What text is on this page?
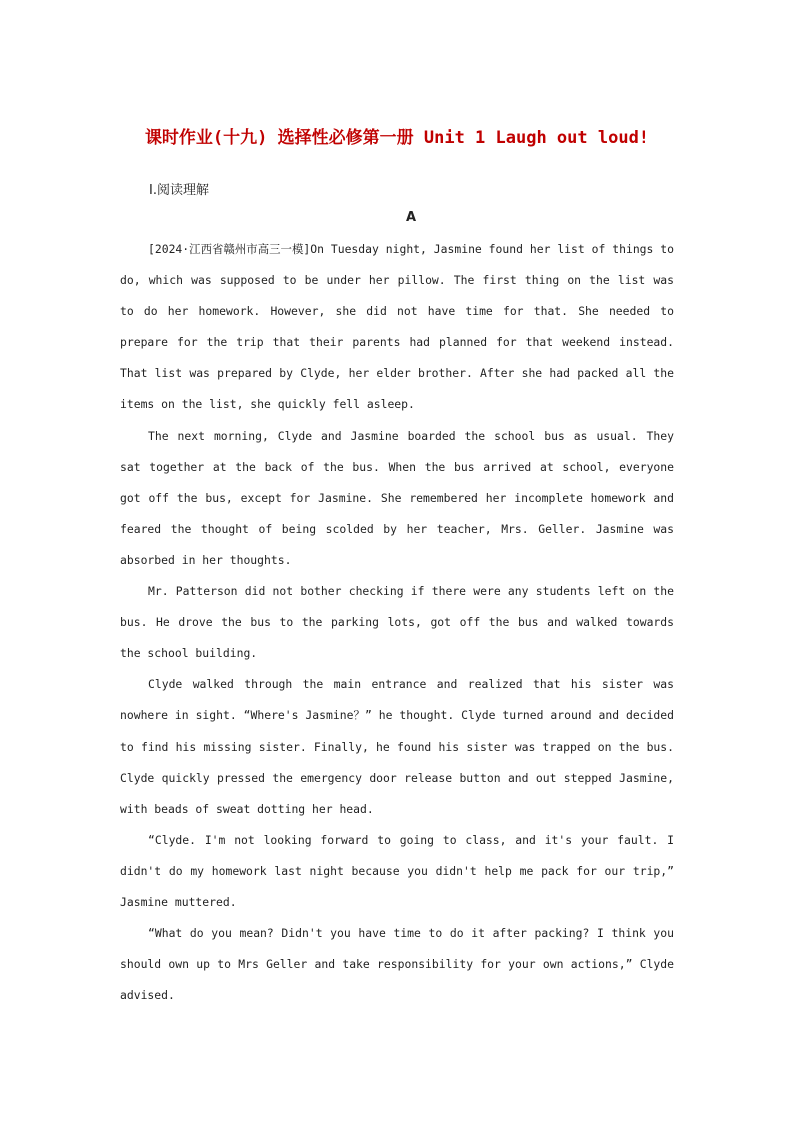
课时作业(十九) 选择性必修第一册 Unit 1 Laugh out loud!
Ⅰ.阅读理解
A

[2024·江西省赣州市高三一模]On Tuesday night, Jasmine found her list of things to do, which was supposed to be under her pillow. The first thing on the list was to do her homework. However, she did not have time for that. She needed to prepare for the trip that their parents had planned for that weekend instead. That list was prepared by Clyde, her elder brother. After she had packed all the items on the list, she quickly fell asleep.

The next morning, Clyde and Jasmine boarded the school bus as usual. They sat together at the back of the bus. When the bus arrived at school, everyone got off the bus, except for Jasmine. She remembered her incomplete homework and feared the thought of being scolded by her teacher, Mrs. Geller. Jasmine was absorbed in her thoughts.

Mr. Patterson did not bother checking if there were any students left on the bus. He drove the bus to the parking lots, got off the bus and walked towards the school building.

Clyde walked through the main entrance and realized that his sister was nowhere in sight. “Where's Jasmine？” he thought. Clyde turned around and decided to find his missing sister. Finally, he found his sister was trapped on the bus. Clyde quickly pressed the emergency door release button and out stepped Jasmine, with beads of sweat dotting her head.

“Clyde. I'm not looking forward to going to class, and it's your fault. I didn't do my homework last night because you didn't help me pack for our trip,” Jasmine muttered.

“What do you mean? Didn't you have time to do it after packing? I think you should own up to Mrs Geller and take responsibility for your own actions,” Clyde advised.
